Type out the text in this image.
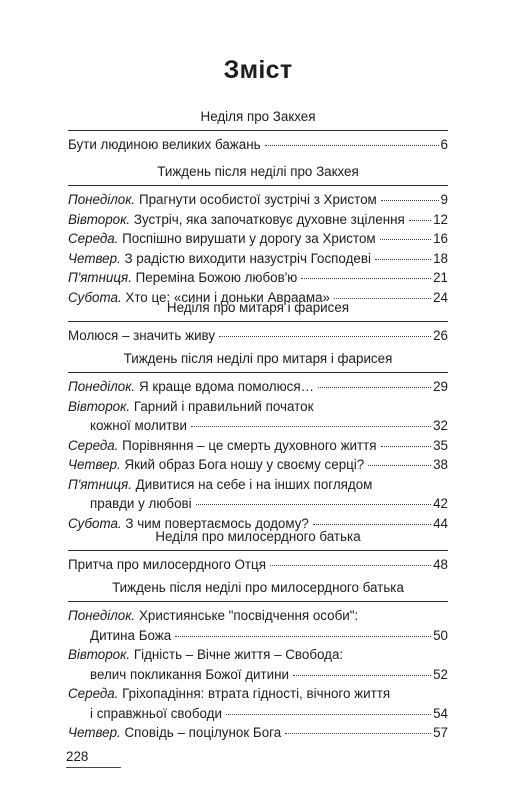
Зміст
Неділя про Закхея
Бути людиною великих бажань	6
Тиждень після неділі про Закхея
Понеділок. Прагнути особистої зустрічі з Христом	9
Вівторок. Зустріч, яка започатковує духовне зцілення 12
Середа. Поспішно вирушати у дорогу за Христом	16
Четвер. З радістю виходити назустріч Господеві	18
П'ятниця. Переміна Божою любов'ю	21
Субота. Хто це: «сини і доньки Авраама»	24
Неділя про митаря і фарисея
Молюся – значить живу	26
Тиждень після неділі про митаря і фарисея
Понеділок. Я краще вдома помолюся…	29
Вівторок. Гарний і правильний початок
кожної молитви	32
Середа. Порівняння – це смерть духовного життя	35
Четвер. Який образ Бога ношу у своєму серці?	38
П'ятниця. Дивитися на себе і на інших поглядом
правди у любові	42
Субота. З чим повертаємось додому?	44
Неділя про милосердного батька
Притча про милосердного Отця	48
Тиждень після неділі про милосердного батька
Понеділок. Християнське "посвідчення особи":
Дитина Божа	50
Вівторок. Гідність – Вічне життя – Свобода:
велич покликання Божої дитини	52
Середа. Гріхопадіння: втрата гідності, вічного життя
і справжньої свободи	54
Четвер. Сповідь – поцілунок Бога	57
228
